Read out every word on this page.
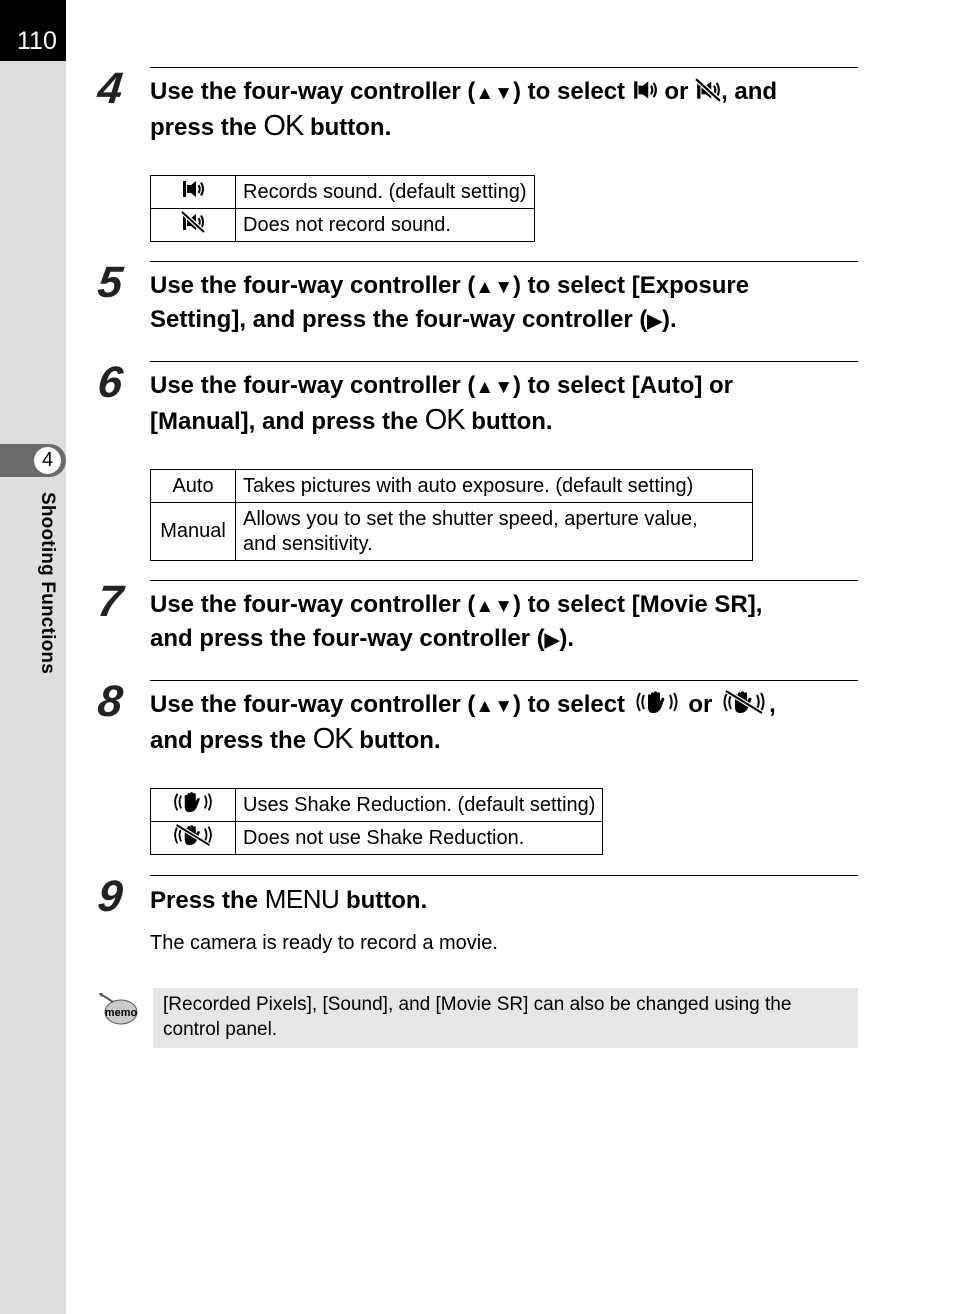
110
4
Shooting Functions
4 Use the four-way controller (▲▼) to select  or , and
press the OK button.
	Records sound. (default setting)
	Does not record sound.
5 Use the four-way controller (▲▼) to select [Exposure
Setting], and press the four-way controller (▶).
6 Use the four-way controller (▲▼) to select [Auto] or
[Manual], and press the OK button.
Auto	Takes pictures with auto exposure. (default setting)
Manual	Allows you to set the shutter speed, aperture value,
and sensitivity.
7 Use the four-way controller (▲▼) to select [Movie SR],
and press the four-way controller (▶).
8 Use the four-way controller (▲▼) to select  or ,
and press the OK button.
	Uses Shake Reduction. (default setting)
	Does not use Shake Reduction.
9 Press the MENU button.
The camera is ready to record a movie.
memo [Recorded Pixels], [Sound], and [Movie SR] can also be changed using the
control panel.
